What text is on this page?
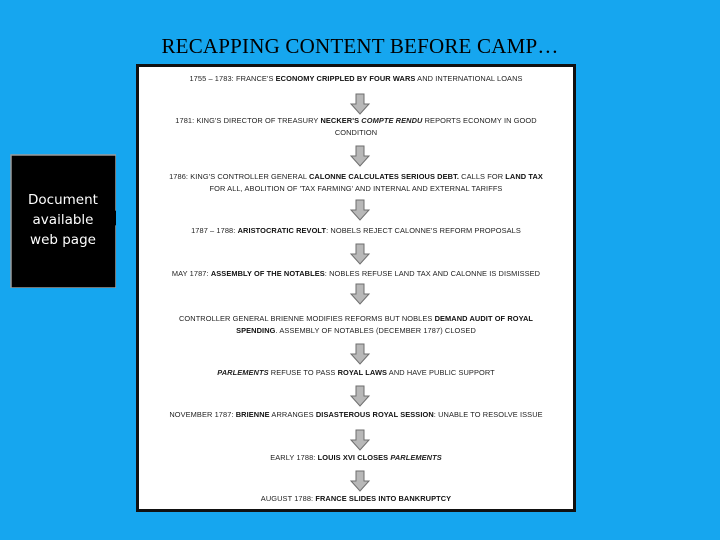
RECAPPING CONTENT BEFORE CAMP…
Document
available
web page
1755 – 1783: FRANCE'S ECONOMY CRIPPLED BY FOUR WARS AND INTERNATIONAL LOANS
1781: KING'S DIRECTOR OF TREASURY NECKER'S COMPTE RENDU REPORTS ECONOMY IN GOOD
CONDITION
1786: KING'S CONTROLLER GENERAL CALONNE CALCULATES SERIOUS DEBT. CALLS FOR LAND TAX
FOR ALL, ABOLITION OF 'TAX FARMING' AND INTERNAL AND EXTERNAL TARIFFS
1787 – 1788: ARISTOCRATIC REVOLT: NOBELS REJECT CALONNE'S REFORM PROPOSALS
MAY 1787: ASSEMBLY OF THE NOTABLES: NOBLES REFUSE LAND TAX AND CALONNE IS DISMISSED
CONTROLLER GENERAL BRIENNE MODIFIES REFORMS BUT NOBLES DEMAND AUDIT OF ROYAL
SPENDING. ASSEMBLY OF NOTABLES (DECEMBER 1787) CLOSED
PARLEMENTS REFUSE TO PASS ROYAL LAWS AND HAVE PUBLIC SUPPORT
NOVEMBER 1787: BRIENNE ARRANGES DISASTEROUS ROYAL SESSION: UNABLE TO RESOLVE ISSUE
EARLY 1788: LOUIS XVI CLOSES PARLEMENTS
AUGUST 1788: FRANCE SLIDES INTO BANKRUPTCY
